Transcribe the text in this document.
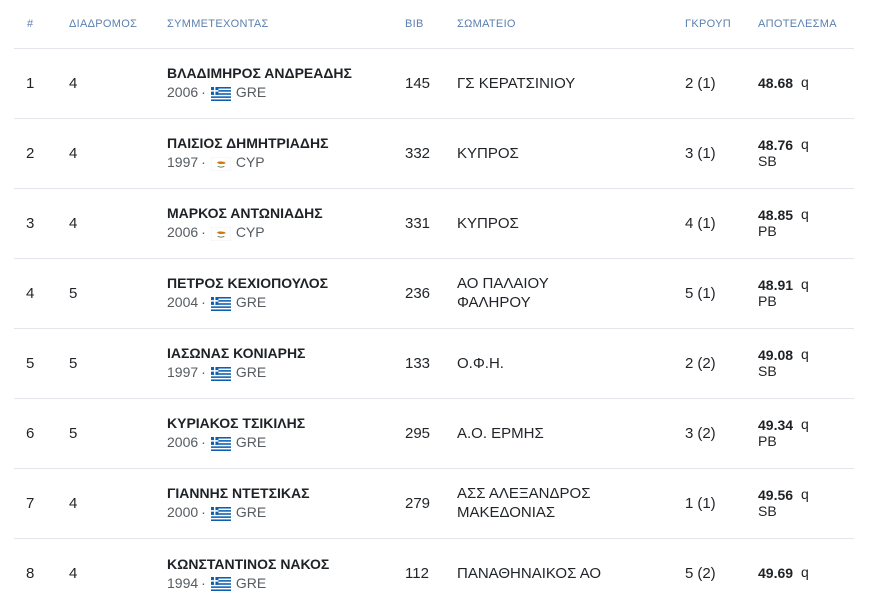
#	ΔΙΑΔΡΟΜΟΣ	ΣΥΜΜΕΤΕΧΟΝΤΑΣ	BIB	ΣΩΜΑΤΕΙΟ	ΓΚΡΟΥΠ	ΑΠΟΤΕΛΕΣΜΑ
1	4	ΒΛΑΔΙΜΗΡΟΣ ΑΝΔΡΕΑΔΗΣ
2006 · GRE	145	ΓΣ ΚΕΡΑΤΣΙΝΙΟΥ	2 (1)	48.68 q

2	4	ΠΑΙΣΙΟΣ ΔΗΜΗΤΡΙΑΔΗΣ
1997 · CYP	332	ΚΥΠΡΟΣ	3 (1)	48.76 q
SB

3	4	ΜΑΡΚΟΣ ΑΝΤΩΝΙΑΔΗΣ
2006 · CYP	331	ΚΥΠΡΟΣ	4 (1)	48.85 q
PB

4	5	ΠΕΤΡΟΣ ΚΕΧΙΟΠΟΥΛΟΣ
2004 · GRE	236	ΑΟ ΠΑΛΑΙΟΥ ΦΑΛΗΡΟΥ	5 (1)	48.91 q
PB

5	5	ΙΑΣΩΝΑΣ ΚΟΝΙΑΡΗΣ
1997 · GRE	133	Ο.Φ.Η.	2 (2)	49.08 q
SB

6	5	ΚΥΡΙΑΚΟΣ ΤΣΙΚΙΛΗΣ
2006 · GRE	295	Α.Ο. ΕΡΜΗΣ	3 (2)	49.34 q
PB

7	4	ΓΙΑΝΝΗΣ ΝΤΕΤΣΙΚΑΣ
2000 · GRE	279	ΑΣΣ ΑΛΕΞΑΝΔΡΟΣ ΜΑΚΕΔΟΝΙΑΣ	1 (1)	49.56 q
SB

8	4	ΚΩΝΣΤΑΝΤΙΝΟΣ ΝΑΚΟΣ
1994 · GRE	112	ΠΑΝΑΘΗΝΑΙΚΟΣ ΑΟ	5 (2)	49.69 q
